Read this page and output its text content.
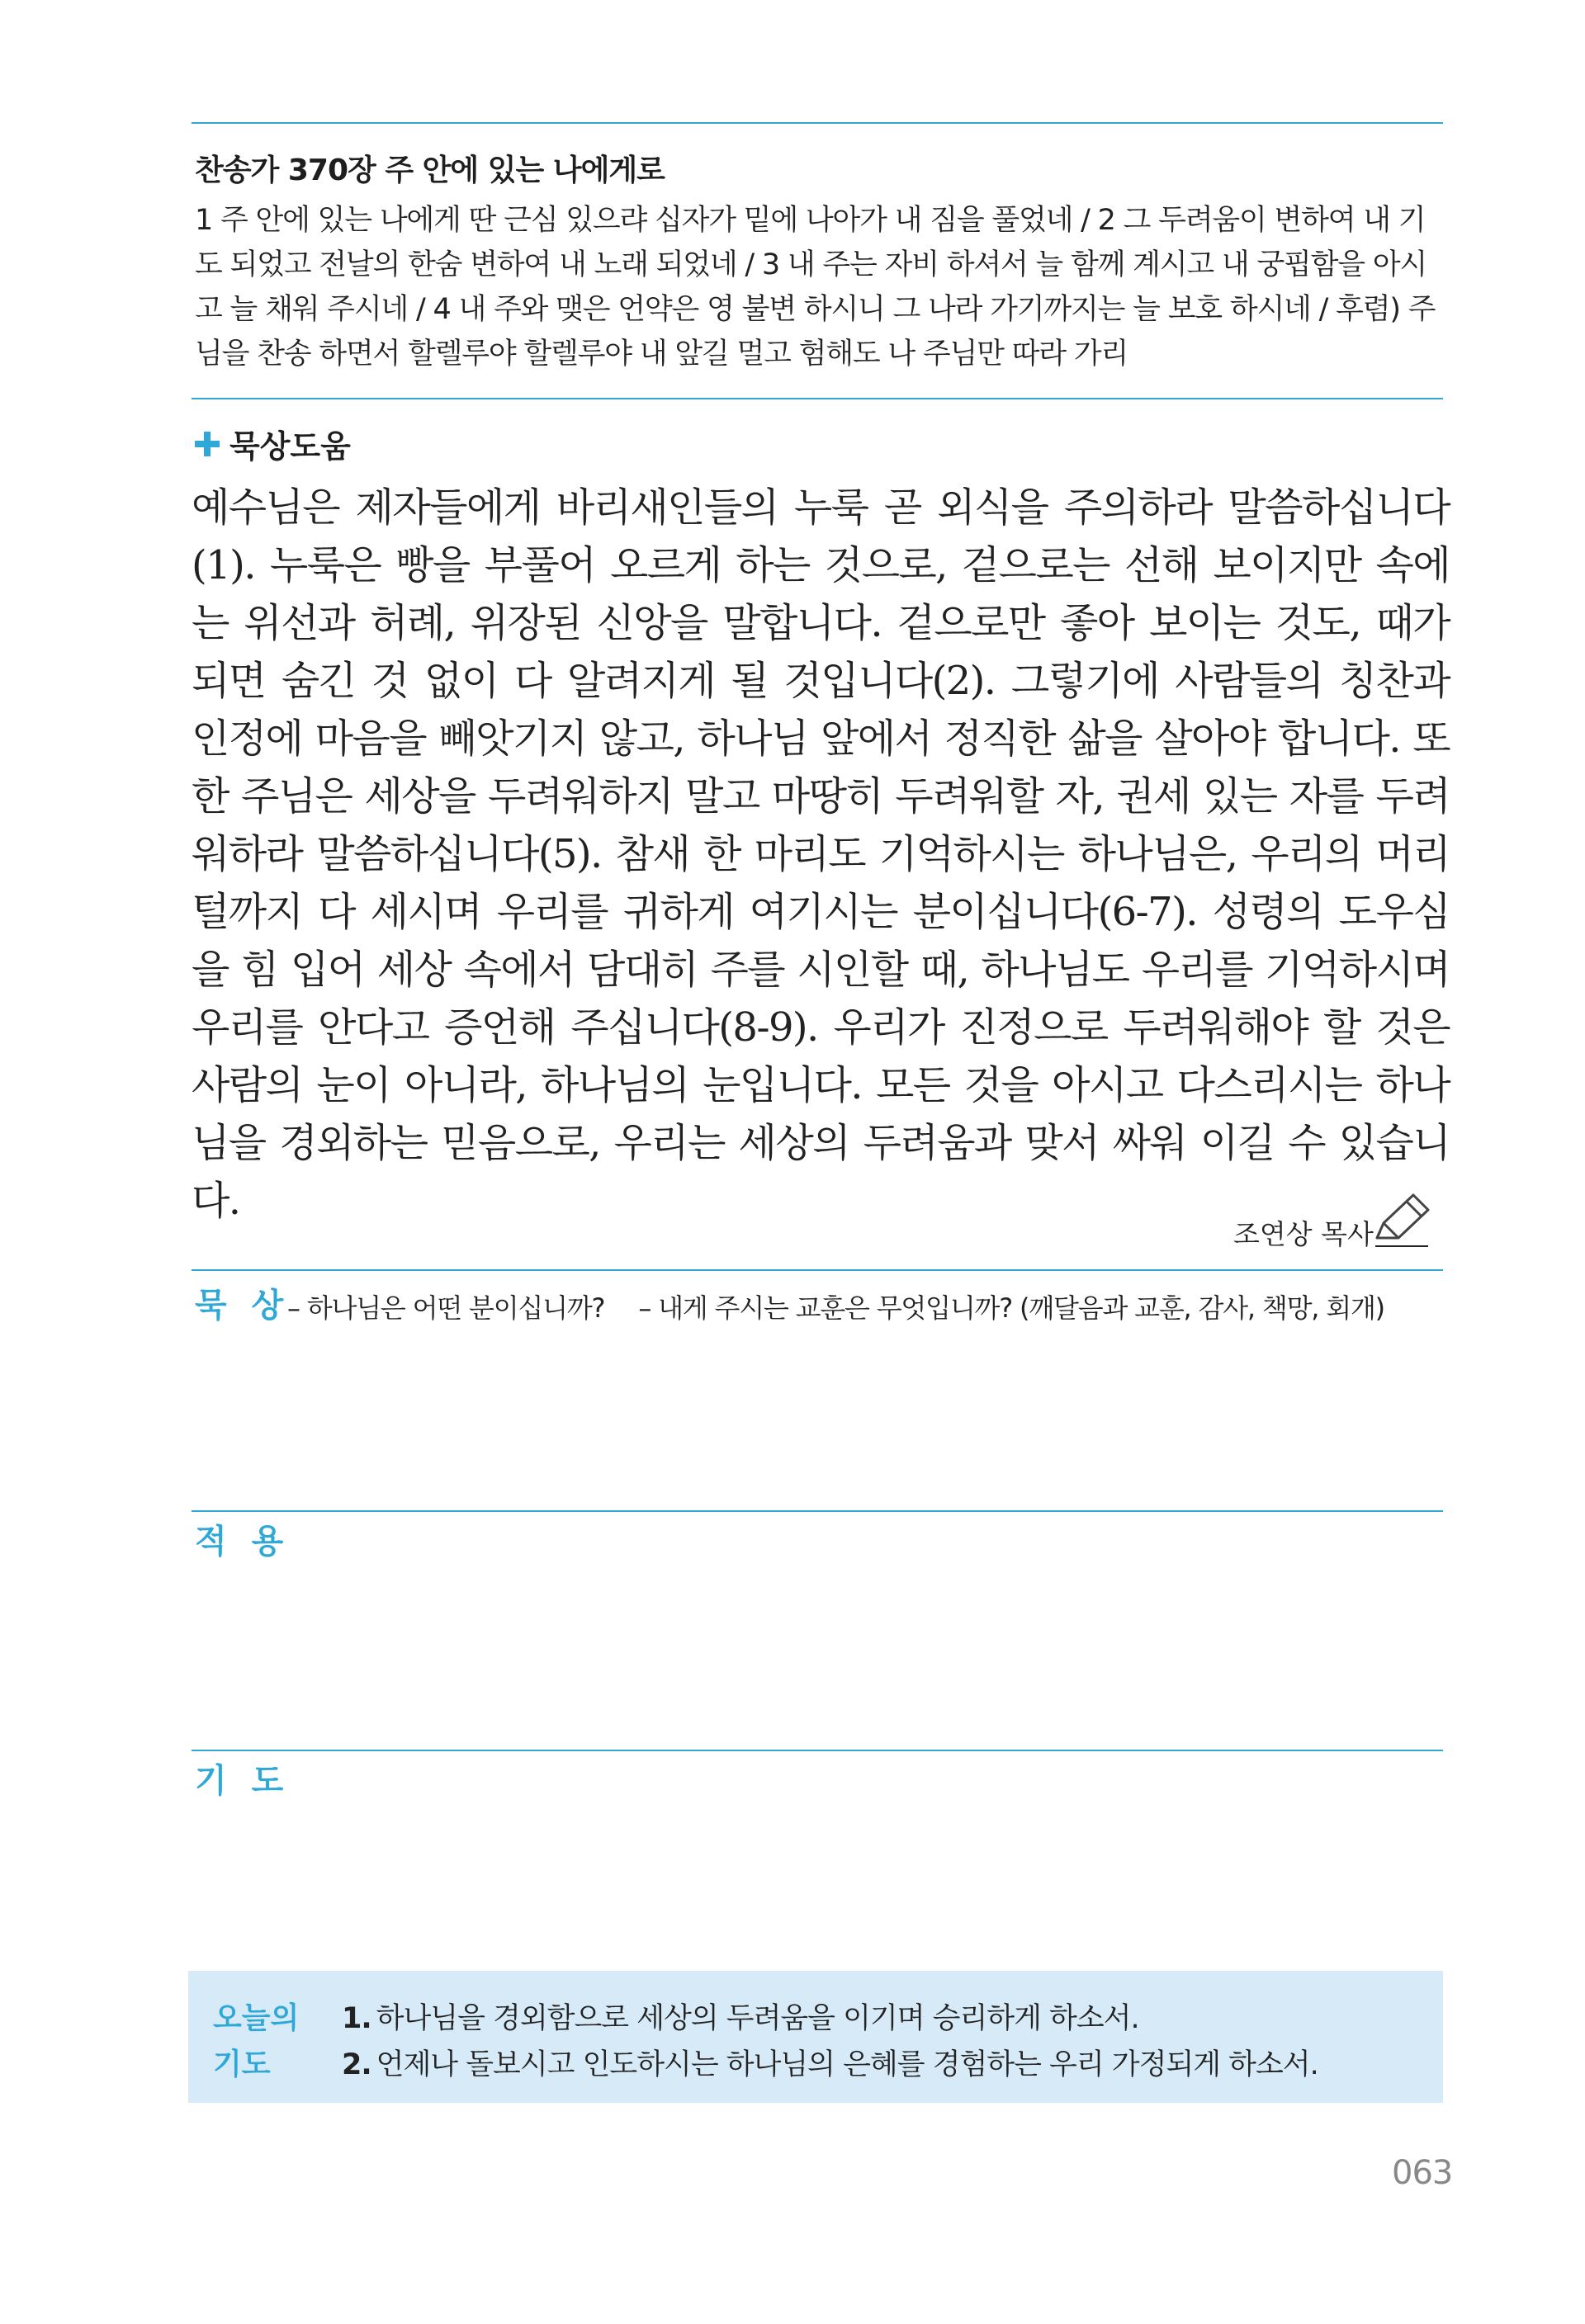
찬송가 370장 주 안에 있는 나에게로
1 주 안에 있는 나에게 딴 근심 있으랴 십자가 밑에 나아가 내 짐을 풀었네 / 2 그 두려움이 변하여 내 기도 되었고 전날의 한숨 변하여 내 노래 되었네 / 3 내 주는 자비 하셔서 늘 함께 계시고 내 궁핍함을 아시고 늘 채워 주시네 / 4 내 주와 맺은 언약은 영 불변 하시니 그 나라 가기까지는 늘 보호 하시네 / 후렴) 주님을 찬송 하면서 할렐루야 할렐루야 내 앞길 멀고 험해도 나 주님만 따라 가리
묵상도움
예수님은 제자들에게 바리새인들의 누룩 곧 외식을 주의하라 말씀하십니다(1). 누룩은 빵을 부풀어 오르게 하는 것으로, 겉으로는 선해 보이지만 속에는 위선과 허례, 위장된 신앙을 말합니다. 겉으로만 좋아 보이는 것도, 때가 되면 숨긴 것 없이 다 알려지게 될 것입니다(2). 그렇기에 사람들의 칭찬과 인정에 마음을 빼앗기지 않고, 하나님 앞에서 정직한 삶을 살아야 합니다. 또한 주님은 세상을 두려워하지 말고 마땅히 두려워할 자, 권세 있는 자를 두려워하라 말씀하십니다(5). 참새 한 마리도 기억하시는 하나님은, 우리의 머리털까지 다 세시며 우리를 귀하게 여기시는 분이십니다(6-7). 성령의 도우심을 힘 입어 세상 속에서 담대히 주를 시인할 때, 하나님도 우리를 기억하시며 우리를 안다고 증언해 주십니다(8-9). 우리가 진정으로 두려워해야 할 것은 사람의 눈이 아니라, 하나님의 눈입니다. 모든 것을 아시고 다스리시는 하나님을 경외하는 믿음으로, 우리는 세상의 두려움과 맞서 싸워 이길 수 있습니다.
조연상 목사
묵 상
– 하나님은 어떤 분이십니까? – 내게 주시는 교훈은 무엇입니까? (깨달음과 교훈, 감사, 책망, 회개)
적 용
기 도
오늘의
기도
1. 하나님을 경외함으로 세상의 두려움을 이기며 승리하게 하소서.
2. 언제나 돌보시고 인도하시는 하나님의 은혜를 경험하는 우리 가정되게 하소서.
063
